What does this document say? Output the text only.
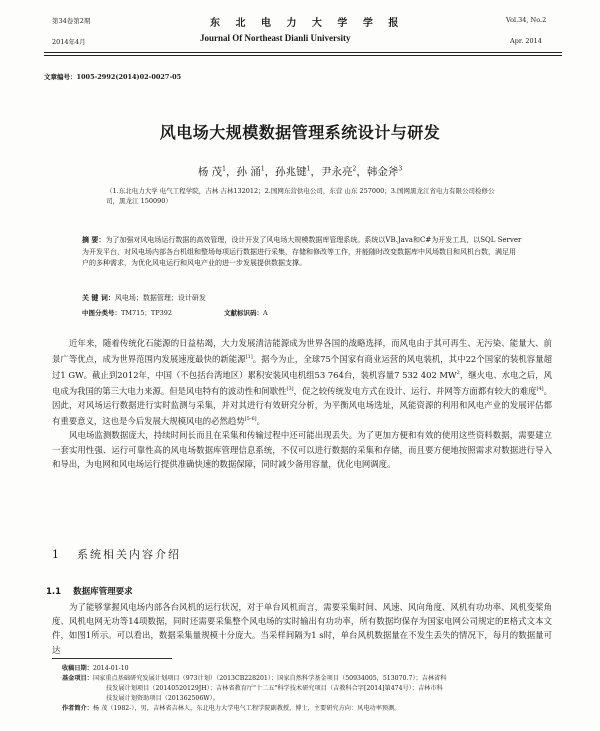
第34卷第2期
2014年4月
东 北 电 力 大 学 学 报
Journal Of Northeast Dianli University
Vol.34, No.2
Apr. 2014
文章编号：1005-2992(2014)02-0027-05
风电场大规模数据管理系统设计与研发
杨 茂$^1$，孙 涌$^1$，孙兆键$^1$，尹永亮$^2$，韩金斧$^3$
（1.东北电力大学 电气工程学院，吉林 吉林132012；2.国网东营供电公司，东营 山东 257000；3.国网黑龙江省电力有限公司检修公司，黑龙江 150090）
摘 要：为了加强对风电场运行数据的高效管理，设计开发了风电场大规模数据库管理系统。系统以VB.Java和C#为开发工具，以SQL Server为开发平台，对风电场内部各台机组和整场每项运行数据进行采集，存储和修改等工作，并能随时改变数据库中风场数目和风机台数，满足用户的多种需求，为优化风电运行和风电产业的进一步发展提供数据支撑。
关 键 词：风电场；数据管理；设计研发
中图分类号：TM715；TP392	文献标识码：A

近年来，随着传统化石能源的日益枯竭，大力发展清洁能源成为世界各国的战略选择，而风电由于其可再生、无污染、能量大、前景广等优点，成为世界范围内发展速度最快的新能源[1]。据今为止，全球75个国家有商业运营的风电装机，其中22个国家的装机容量超过1 GW。截止到2012年，中国（不包括台湾地区）累积安装风电机组53 764台，装机容量7 532 402 $MW^2$，继火电、水电之后，风电成为我国的第三大电力来源。但是风电特有的波动性和间歇性[3]，促之较传统发电方式在设计、运行、并网等方面都有较大的难度[4]。因此，对风场运行数据进行实时监测与采集，并对其进行有效研究分析，为平衡风电场选址，风能资源的利用和风电产业的发展评估都有重要意义，这也是今后发展大规模风电的必然趋势[5-6]。

风电场监测数据庞大，持续时间长而且在采集和传输过程中还可能出现丢失。为了更加方便和有效的使用这些资料数据，需要建立一套实用性强、运行可靠性高的风电场数据库管理信息系统，不仅可以进行数据的采集和存储，而且要方便地按照需求对数据进行导入和导出，为电网和风电场运行提供准确快速的数据保障，同时减少备用容量，优化电网调度。

1 系统相关内容介绍
1.1 数据库管理要求

为了能够掌握风电场内部各台风机的运行状况，对于单台风机而言，需要采集时间、风速、风向角度、风机有功功率、风机变桨角度、风机电网无功等14项数据，同时还需要采集整个风电场的实时输出有功功率，所有数据均保存为国家电网公司规定的E格式文本文件，如图1所示。可以看出，数据采集量规模十分庞大。当采样间隔为1 s时，单台风机数据量在不发生丢失的情况下，每月的数据量可达

收稿日期：2014-01-10
基金项目：国家重点基础研究发展计划项目（973计划）（2013CB228201）；国家自然科学基金项目（50934005，513070.7）；吉林省科
技发展计划项目（20140520129JH）；吉林省教育厅"十二五"科学技术研究项目（吉教科合字[2014]第474号）；吉林市科
技发展计划资助项目（201362506W）。
作者简介：杨 茂（1982-），男，吉林省吉林人，东北电力大学电气工程学院副教授，博士，主要研究方向：风电功率预测。
